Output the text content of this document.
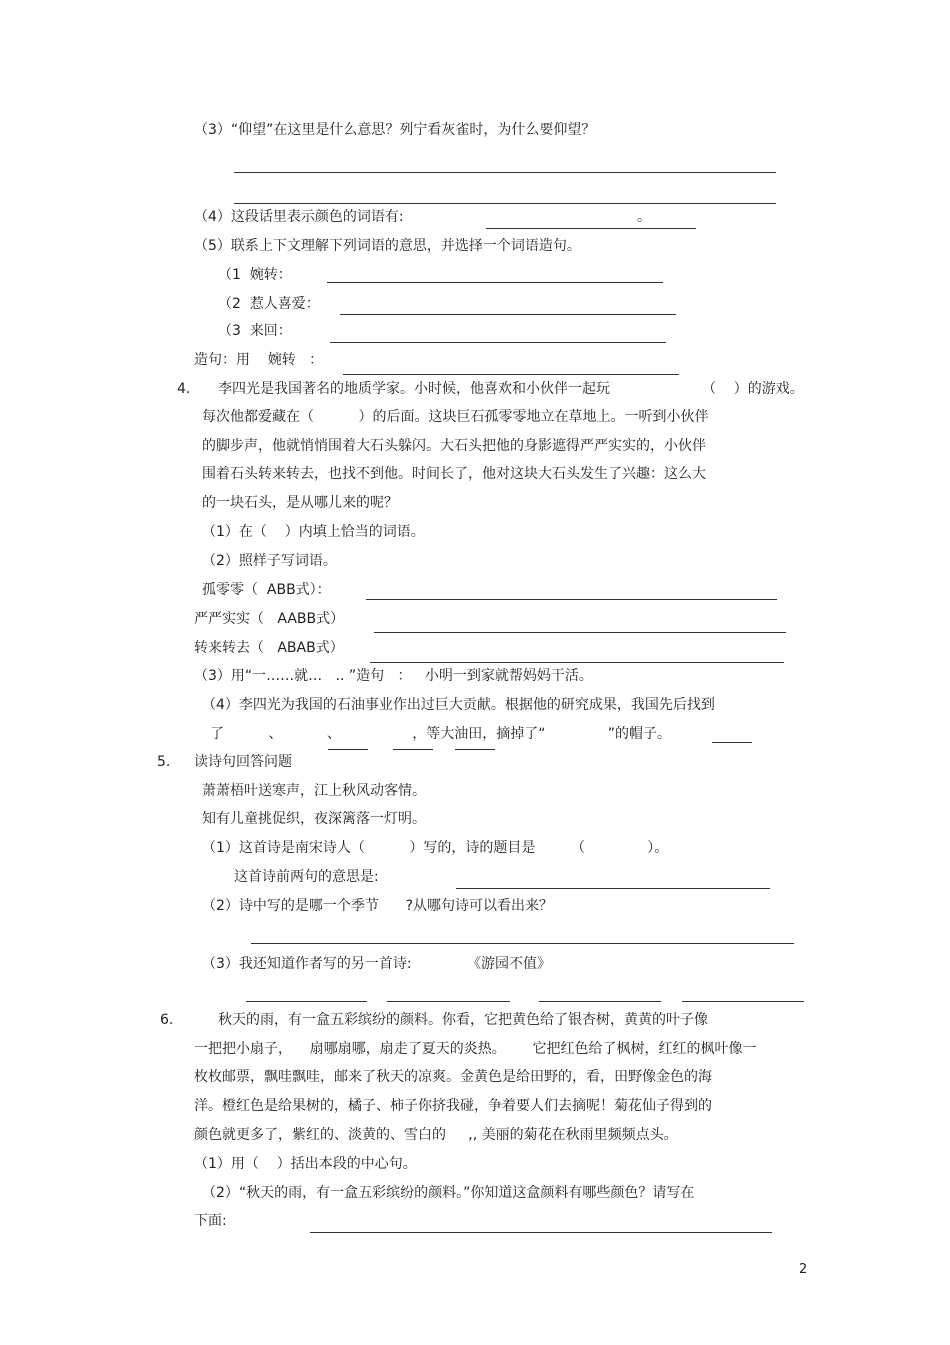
（3）“仰望”在这里是什么意思？列宁看灰雀时，为什么要仰望？
（4）这段话里表示颜色的词语有:	。
（5）联系上下文理解下列词语的意思，并选择一个词语造句。
（1  婉转：
（2  惹人喜爱：
（3  来回：
造句：用    婉转   ：
4. 李四光是我国著名的地质学家。小时候，他喜欢和小伙伴一起玩	（    ）的游戏。
每次他都爱藏在（          ）的后面。这块巨石孤零零地立在草地上。一听到小伙伴
的脚步声，他就悄悄围着大石头躲闪。大石头把他的身影遮得严严实实的，小伙伴
围着石头转来转去，也找不到他。时间长了，他对这块大石头发生了兴趣：这么大
的一块石头，是从哪儿来的呢？
（1）在（    ）内填上恰当的词语。
（2）照样子写词语。
孤零零（  ABB式）：
严严实实（   AABB式）
转来转去（   ABAB式）
（3）用“一……就…   .. ”造句   ：   小明一到家就帮妈妈干活。
（4）李四光为我国的石油事业作出过巨大贡献。根据他的研究成果，我国先后找到
了          、          、                ，等大油田，摘掉了“              ”的帽子。
5. 读诗句回答问题
萧萧梧叶送寒声，江上秋风动客情。
知有儿童挑促织，夜深篱落一灯明。
（1）这首诗是南宋诗人（          ）写的，诗的题目是        （              ）。
这首诗前两句的意思是:
（2）诗中写的是哪一个季节      ?从哪句诗可以看出来？
（3）我还知道作者写的另一首诗:	《游园不值》
6.	秋天的雨，有一盒五彩缤纷的颜料。你看，它把黄色给了银杏树，黄黄的叶子像
一把把小扇子，    扇哪扇哪，扇走了夏天的炎热。      它把红色给了枫树，红红的枫叶像一
枚枚邮票，飘哇飘哇，邮来了秋天的凉爽。金黄色是给田野的，看，田野像金色的海
洋。橙红色是给果树的，橘子、柿子你挤我碰，争着要人们去摘呢！菊花仙子得到的
颜色就更多了，紫红的、淡黄的、雪白的     ,, 美丽的菊花在秋雨里频频点头。
（1）用（    ）括出本段的中心句。
（2）“秋天的雨，有一盒五彩缤纷的颜料。”你知道这盒颜料有哪些颜色？请写在
下面:
2
